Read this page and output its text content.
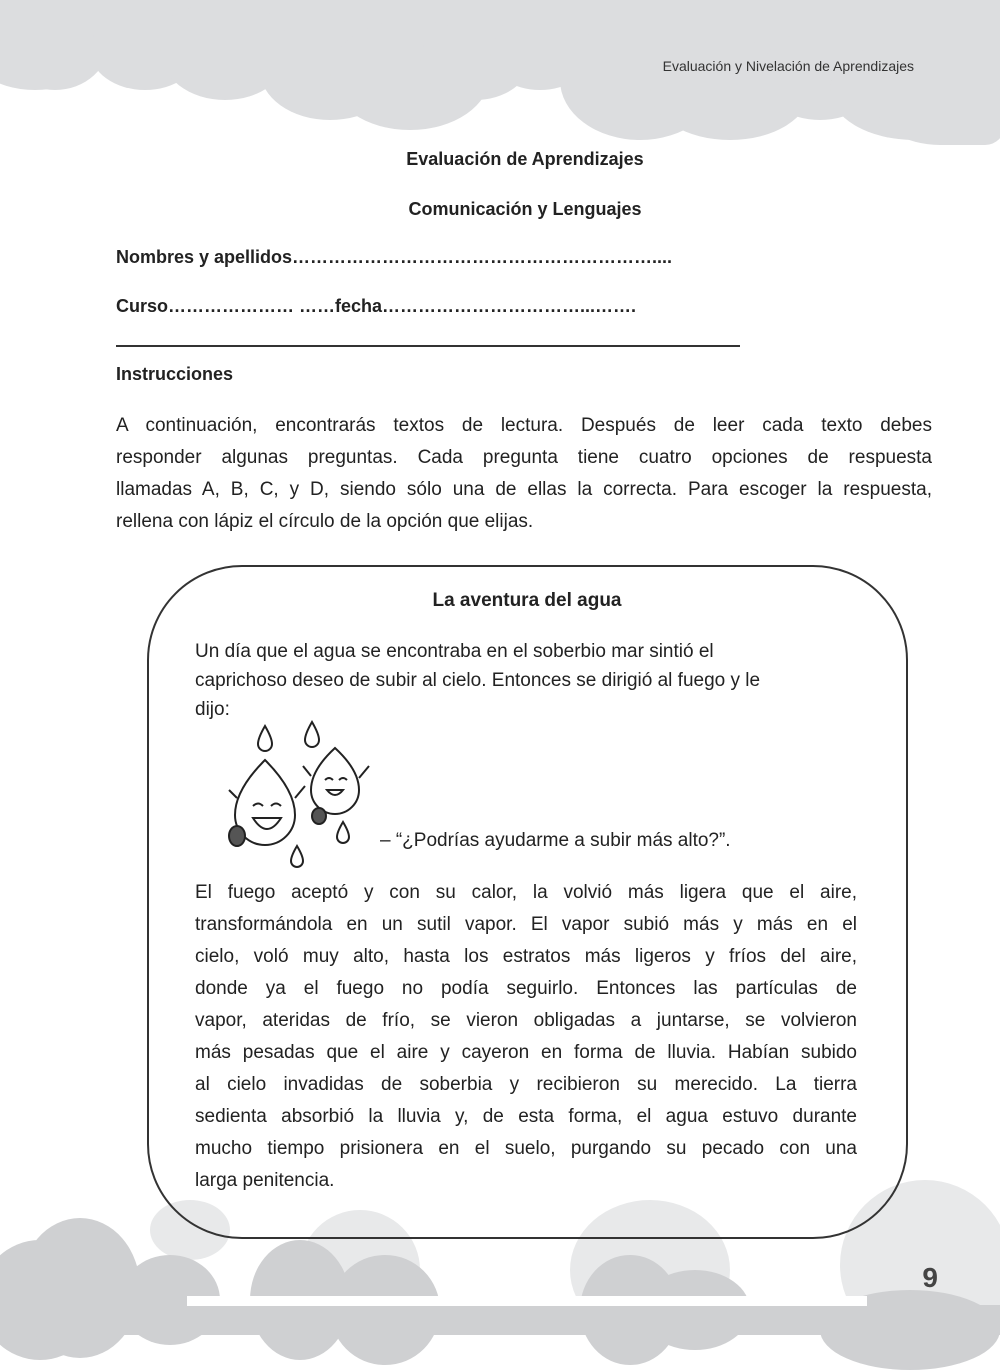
Evaluación y Nivelación de Aprendizajes
9
Evaluación de Aprendizajes
Comunicación y Lenguajes
Nombres y apellidos……………………………………………………....
Curso………………… ……fecha……………………………...…….
Instrucciones
A continuación, encontrarás textos de lectura. Después de leer cada texto debes
responder algunas preguntas. Cada pregunta tiene cuatro opciones de respuesta
llamadas A, B, C, y D, siendo sólo una de ellas la correcta. Para escoger la respuesta,
rellena con lápiz el círculo de la opción que elijas.
La aventura del agua
Un día que el agua se encontraba en el soberbio mar sintió el
caprichoso deseo de subir al cielo. Entonces se dirigió al fuego y le
dijo:
– “¿Podrías ayudarme a subir más alto?”.
El fuego aceptó y con su calor, la volvió más ligera que el aire,
transformándola en un sutil vapor. El vapor subió más y más en el
cielo, voló muy alto, hasta los estratos más ligeros y fríos del aire,
donde ya el fuego no podía seguirlo. Entonces las partículas de
vapor, ateridas de frío, se vieron obligadas a juntarse, se volvieron
más pesadas que el aire y cayeron en forma de lluvia. Habían subido
al cielo invadidas de soberbia y recibieron su merecido. La tierra
sedienta absorbió la lluvia y, de esta forma, el agua estuvo durante
mucho tiempo prisionera en el suelo, purgando su pecado con una
larga penitencia.
